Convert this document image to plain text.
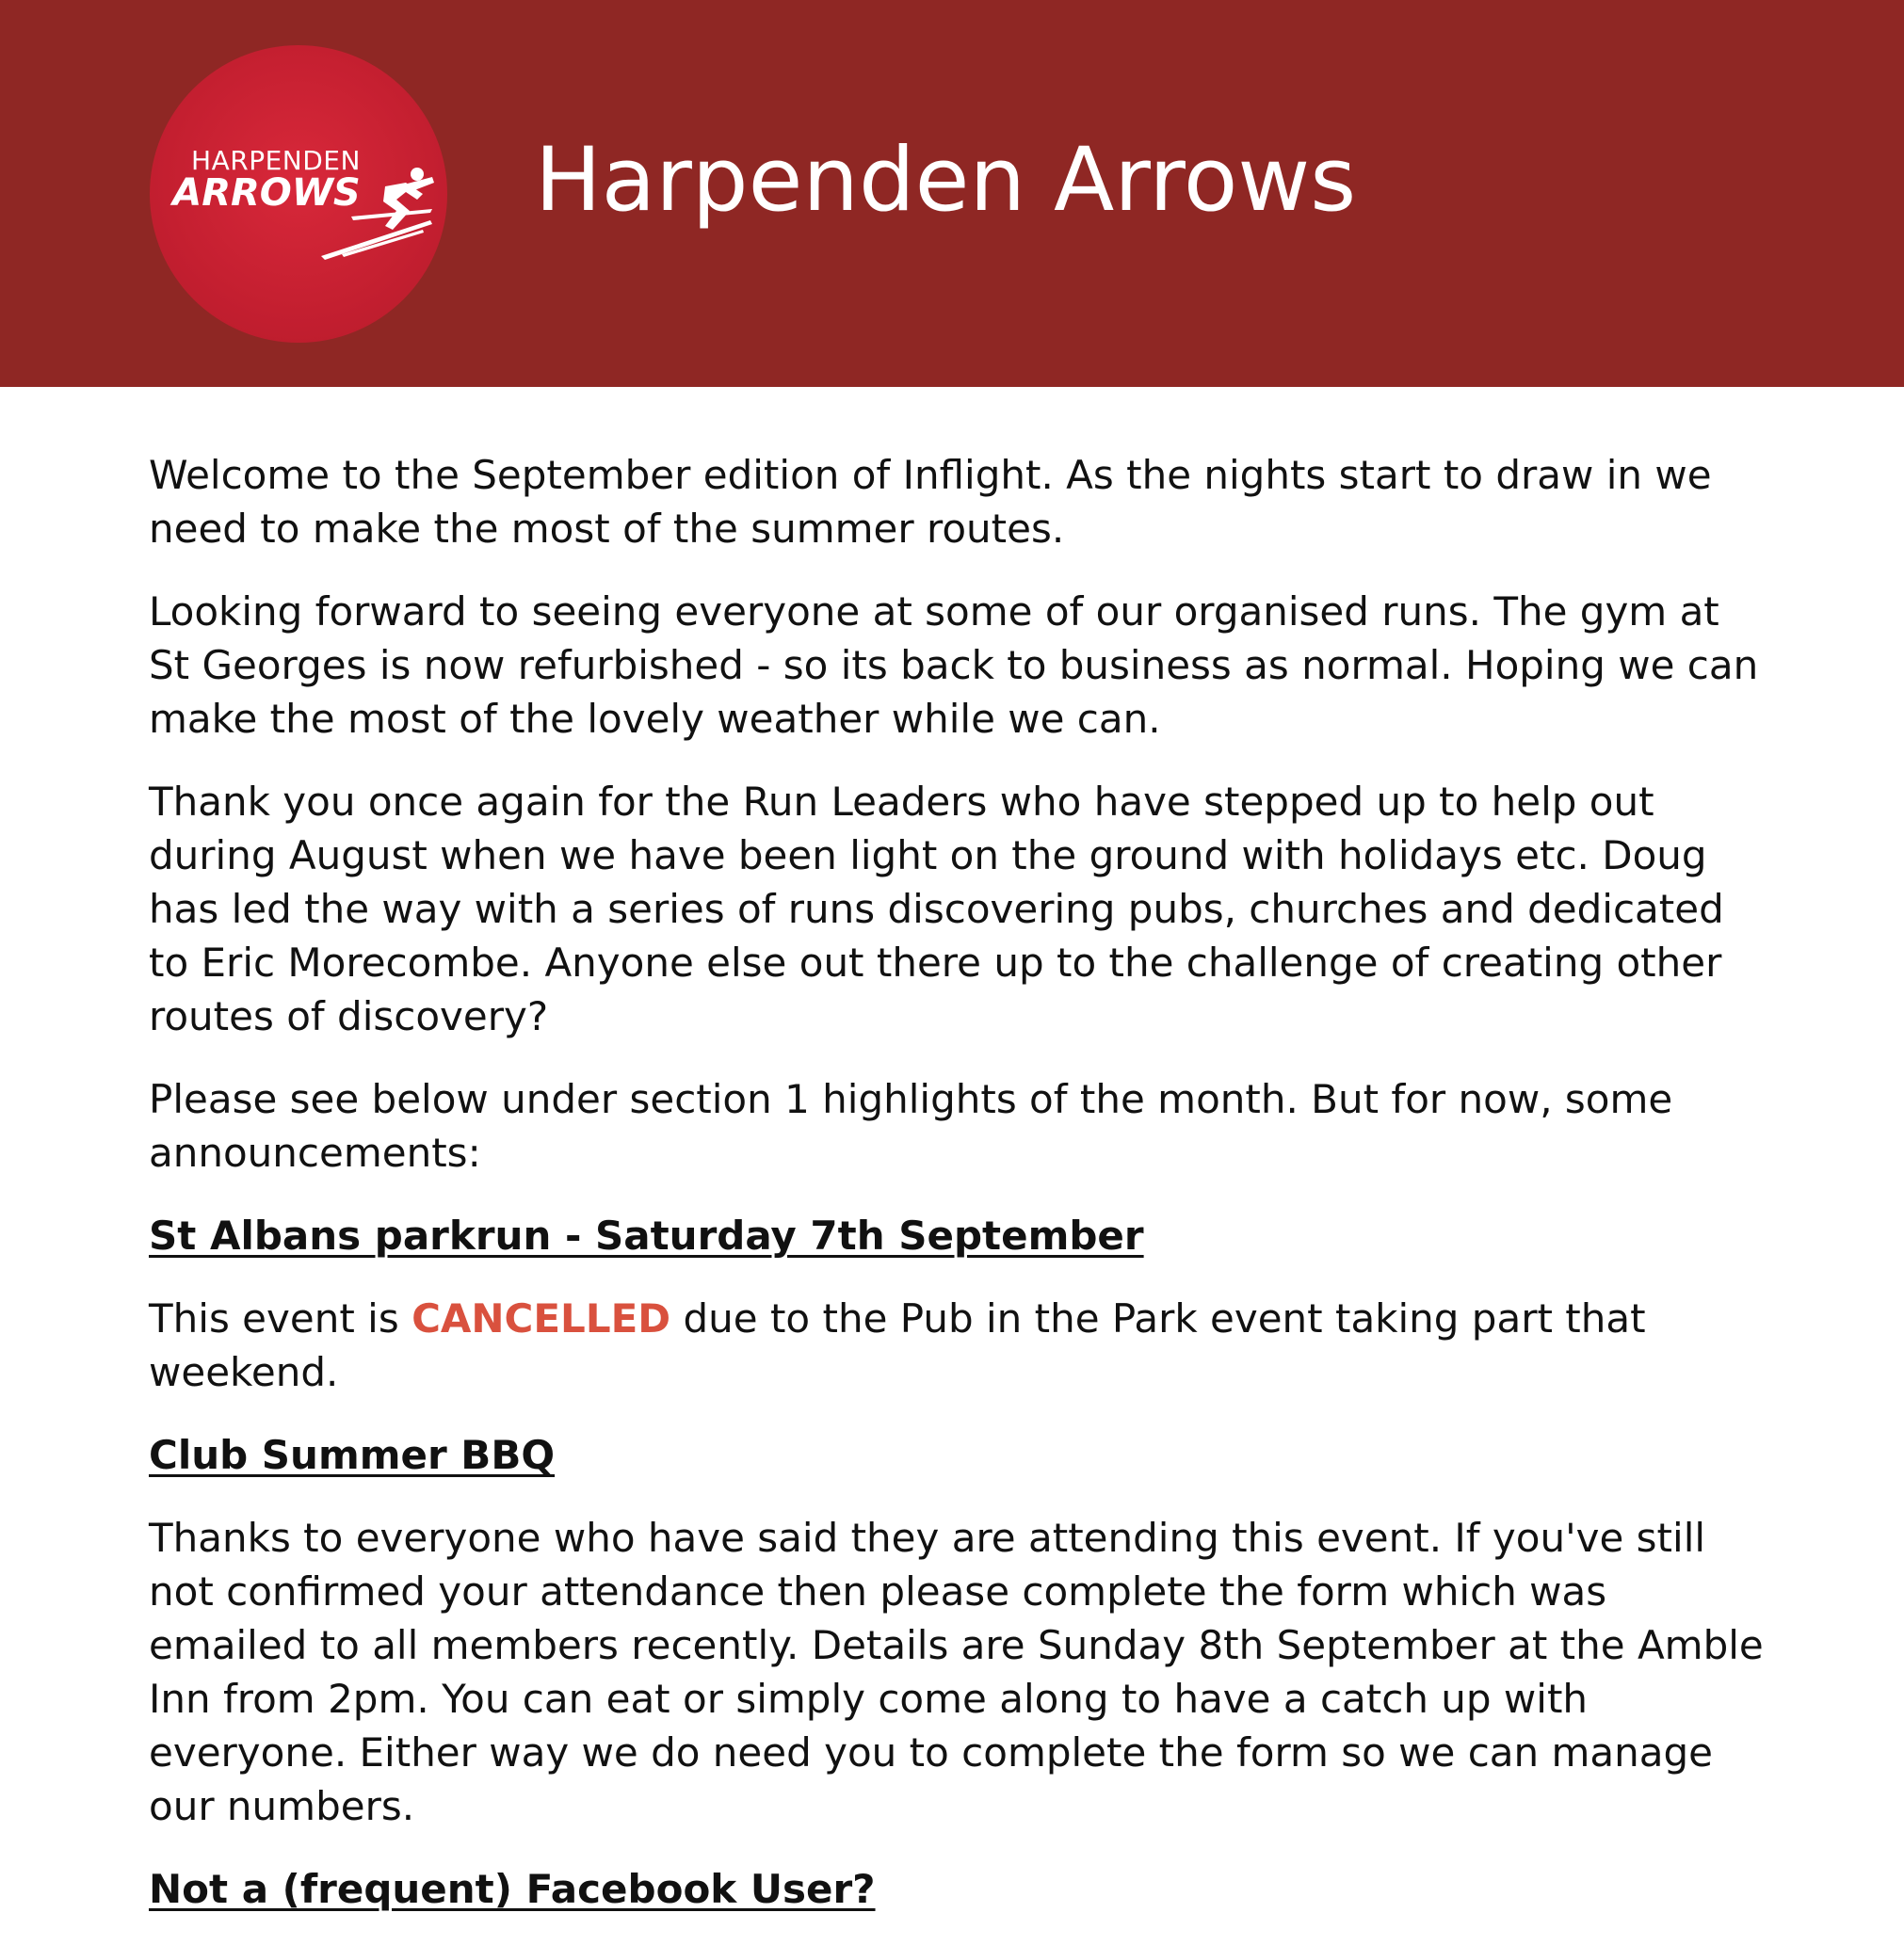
HARPENDEN
ARROWS Harpenden Arrows

Welcome to the September edition of Inflight. As the nights start to draw in we need to make the most of the summer routes.

Looking forward to seeing everyone at some of our organised runs. The gym at St Georges is now refurbished - so its back to business as normal. Hoping we can make the most of the lovely weather while we can.

Thank you once again for the Run Leaders who have stepped up to help out during August when we have been light on the ground with holidays etc. Doug has led the way with a series of runs discovering pubs, churches and dedicated to Eric Morecombe. Anyone else out there up to the challenge of creating other routes of discovery?

Please see below under section 1 highlights of the month. But for now, some announcements:

St Albans parkrun - Saturday 7th September

This event is CANCELLED due to the Pub in the Park event taking part that weekend.

Club Summer BBQ

Thanks to everyone who have said they are attending this event. If you've still not confirmed your attendance then please complete the form which was emailed to all members recently. Details are Sunday 8th September at the Amble Inn from 2pm. You can eat or simply come along to have a catch up with everyone. Either way we do need you to complete the form so we can manage our numbers.

Not a (frequent) Facebook User?
